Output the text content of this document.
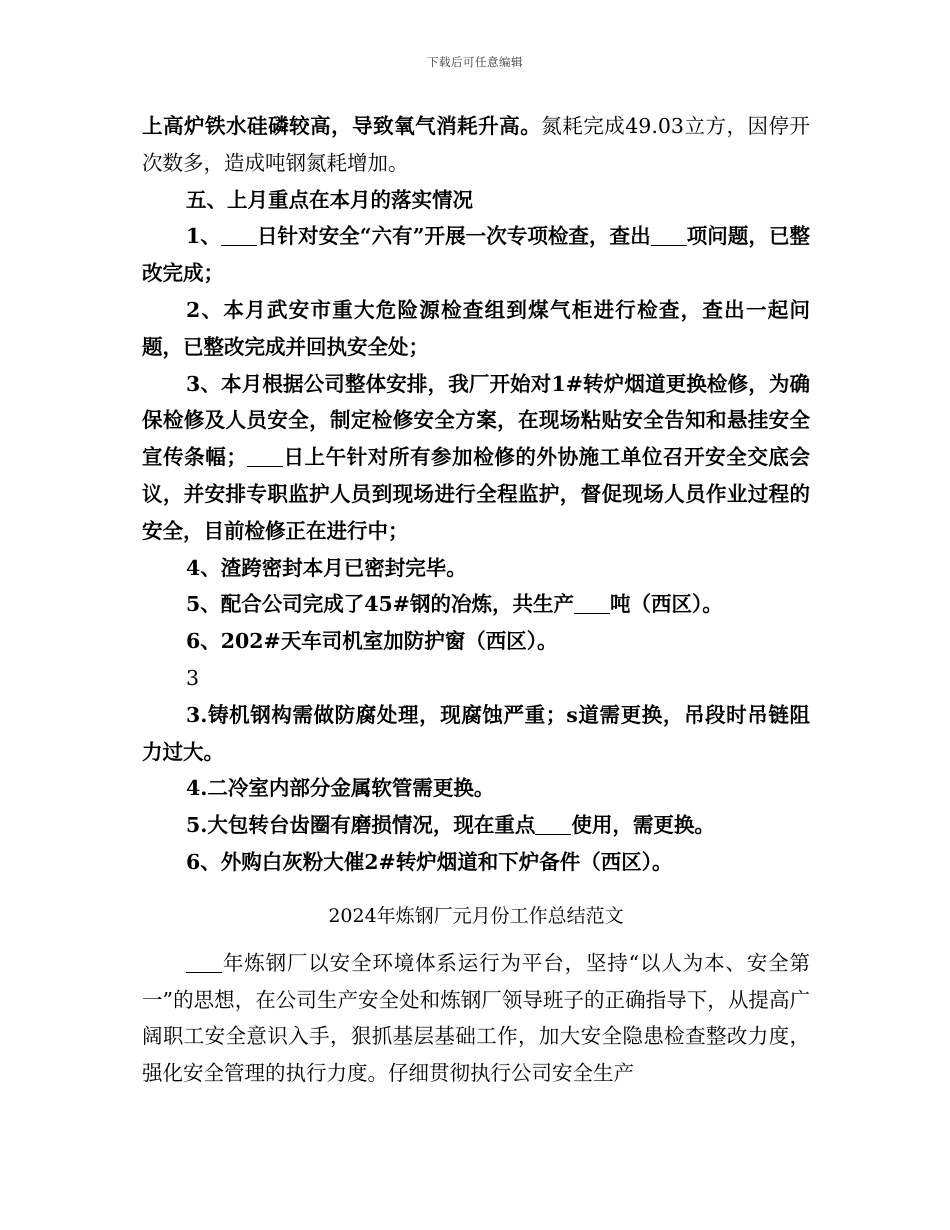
下载后可任意编辑

上高炉铁水硅磷较高，导致氧气消耗升高。氮耗完成49.03立方，因停开次数多，造成吨钢氮耗增加。

五、上月重点在本月的落实情况

1、 日针对安全“六有”开展一次专项检查，查出 项问题，已整改完成；

2、本月武安市重大危险源检查组到煤气柜进行检查，查出一起问题，已整改完成并回执安全处；

3、本月根据公司整体安排，我厂开始对1#转炉烟道更换检修，为确保检修及人员安全，制定检修安全方案，在现场粘贴安全告知和悬挂安全宣传条幅； 日上午针对所有参加检修的外协施工单位召开安全交底会议，并安排专职监护人员到现场进行全程监护，督促现场人员作业过程的安全，目前检修正在进行中；

4、渣跨密封本月已密封完毕。

5、配合公司完成了45#钢的冶炼，共生产 吨（西区）。

6、202#天车司机室加防护窗（西区）。

3

3.铸机钢构需做防腐处理，现腐蚀严重；s道需更换，吊段时吊链阻力过大。

4.二冷室内部分金属软管需更换。

5.大包转台齿圈有磨损情况，现在重点 使用，需更换。

6、外购白灰粉大催2#转炉烟道和下炉备件（西区）。

2024年炼钢厂元月份工作总结范文

年炼钢厂以安全环境体系运行为平台，坚持“以人为本、安全第一”的思想，在公司生产安全处和炼钢厂领导班子的正确指导下，从提高广阔职工安全意识入手，狠抓基层基础工作，加大安全隐患检查整改力度，强化安全管理的执行力度。仔细贯彻执行公司安全生产
